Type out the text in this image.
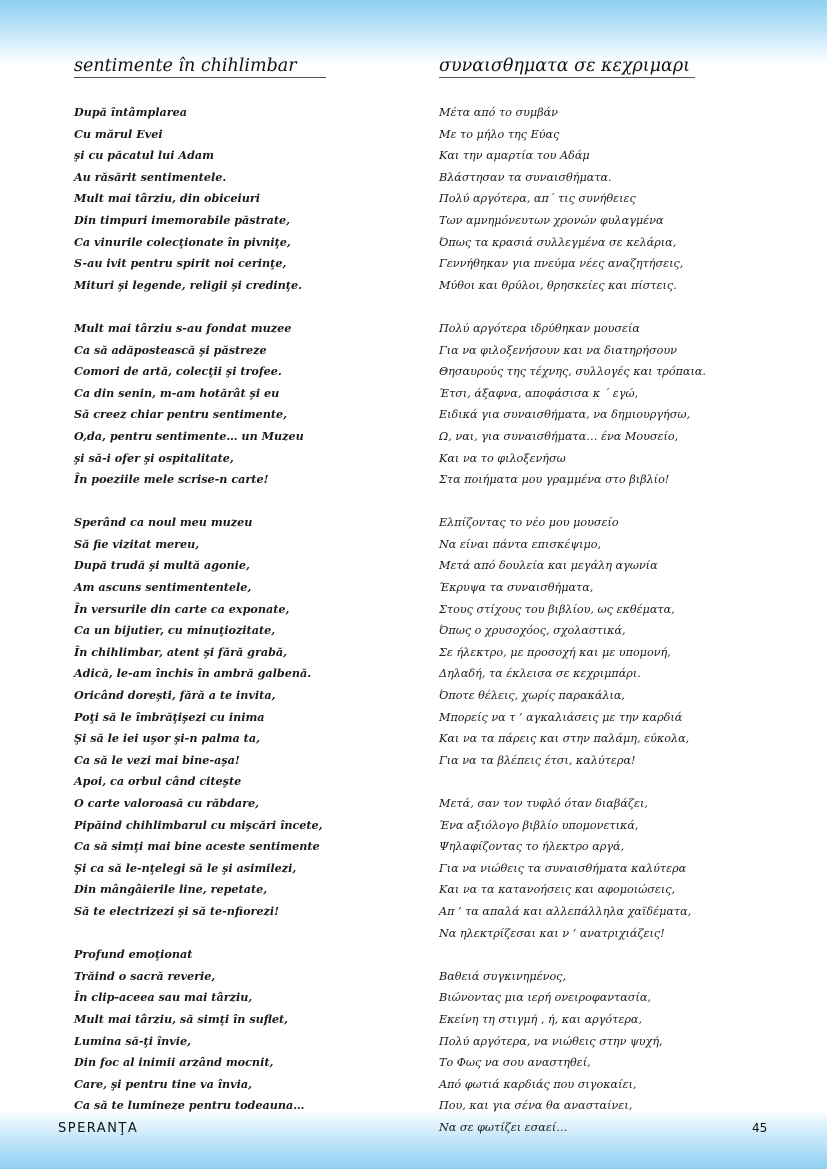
sentimente în chihlimbar
După întâmplarea
Cu mărul Evei
şi cu păcatul lui Adam
Au răsărit sentimentele.
Mult mai târziu, din obiceiuri
Din timpuri imemorabile păstrate,
Ca vinurile colecţionate în pivniţe,
S-au ivit pentru spirit noi cerinţe,
Mituri şi legende, religii şi credinţe.
Mult mai târziu s-au fondat muzee
Ca să adăpostească şi păstreze
Comori de artă, colecţii şi trofee.
Ca din senin, m-am hotărât şi eu
Să creez chiar pentru sentimente,
O,da, pentru sentimente… un Muzeu
şi să-i ofer şi ospitalitate,
În poeziile mele scrise-n carte!
Sperând ca noul meu muzeu
Să fie vizitat mereu,
După trudă şi multă agonie,
Am ascuns sentimententele,
În versurile din carte ca exponate,
Ca un bijutier, cu minuţiozitate,
În chihlimbar, atent şi fără grabă,
Adică, le-am închis în ambră galbenă.
Oricând doreşti, fără a te invita,
Poţi să le îmbrăţişezi cu inima
Şi să le iei uşor şi-n palma ta,
Ca să le vezi mai bine-aşa!
Apoi, ca orbul când citeşte
O carte valoroasă cu răbdare,
Pipăind chihlimbarul cu mişcări încete,
Ca să simţi mai bine aceste sentimente
Şi ca să le-nţelegi să le şi asimilezi,
Din mângâierile line, repetate,
Să te electrizezi şi să te-nfiorezi!
Profund emoţionat
Trăind o sacră reverie,
În clip-aceea sau mai târziu,
Mult mai târziu, să simţi în suflet,
Lumina să-ţi învie,
Din foc al inimii arzând mocnit,
Care, şi pentru tine va învia,
Ca să te lumineze pentru todeauna…
συναισθηματα σε κεχριμαρι
Μέτα από το συμβάν
Με το μήλο της Εύας
Και την αμαρτία του Αδάμ
Βλάστησαν τα συναισθήματα.
Πολύ αργότερα, απ΄ τις συνήθειες
Των αμνημόνευτων χρονών φυλαγμένα
Όπως τα κρασιά συλλεγμένα σε κελάρια,
Γεννήθηκαν για πνεύμα νέες αναζητήσεις,
Μύθοι και θρύλοι, θρησκείες και πίστεις.
Πολύ αργότερα ιδρύθηκαν μουσεία
Για να φιλοξενήσουν και να διατηρήσουν
Θησαυρούς της τέχνης, συλλογές και τρόπαια.
Έτσι, άξαφνα, αποφάσισα κ ΄ εγώ,
Ειδικά για συναισθήματα, να δημιουργήσω,
Ω, ναι, για συναισθήματα… ένα Μουσείο,
Και να το φιλοξενήσω
Στα ποιήματα μου γραμμένα στο βιβλίο!
Ελπίζοντας το νέο μου μουσείο
Να είναι πάντα επισκέψιμο,
Μετά από δουλεία και μεγάλη αγωνία
Έκρυψα τα συναισθήματα,
Στους στίχους του βιβλίου, ως εκθέματα,
Όπως ο χρυσοχόος, σχολαστικά,
Σε ήλεκτρο, με προσοχή και με υπομονή,
Δηλαδή, τα έκλεισα σε κεχριμπάρι.
Όποτε θέλεις, χωρίς παρακάλια,
Μπορείς να τ ’ αγκαλιάσεις με την καρδιά
Και να τα πάρεις και στην παλάμη, εύκολα,
Για να τα βλέπεις έτσι, καλύτερα!
Μετά, σαν τον τυφλό όταν διαβάζει,
Ένα αξιόλογο βιβλίο υπομονετικά,
Ψηλαφίζοντας το ήλεκτρο αργά,
Για να νιώθεις τα συναισθήματα καλύτερα
Και να τα κατανοήσεις και αφομοιώσεις,
Απ ’ τα απαλά και αλλεπάλληλα χαϊδέματα,
Να ηλεκτρίζεσαι και ν ‘ ανατριχιάζεις!
Βαθειά συγκινημένος,
Βιώνοντας μια ιερή ονειροφαντασία,
Εκείνη τη στιγμή , ή, και αργότερα,
Πολύ αργότερα, να νιώθεις στην ψυχή,
Το Φως να σου αναστηθεί,
Από φωτιά καρδιάς που σιγοκαίει,
Που, και για σένα θα ανασταίνει,
Να σε φωτίζει εσαεί…
SPERANŢA	45
